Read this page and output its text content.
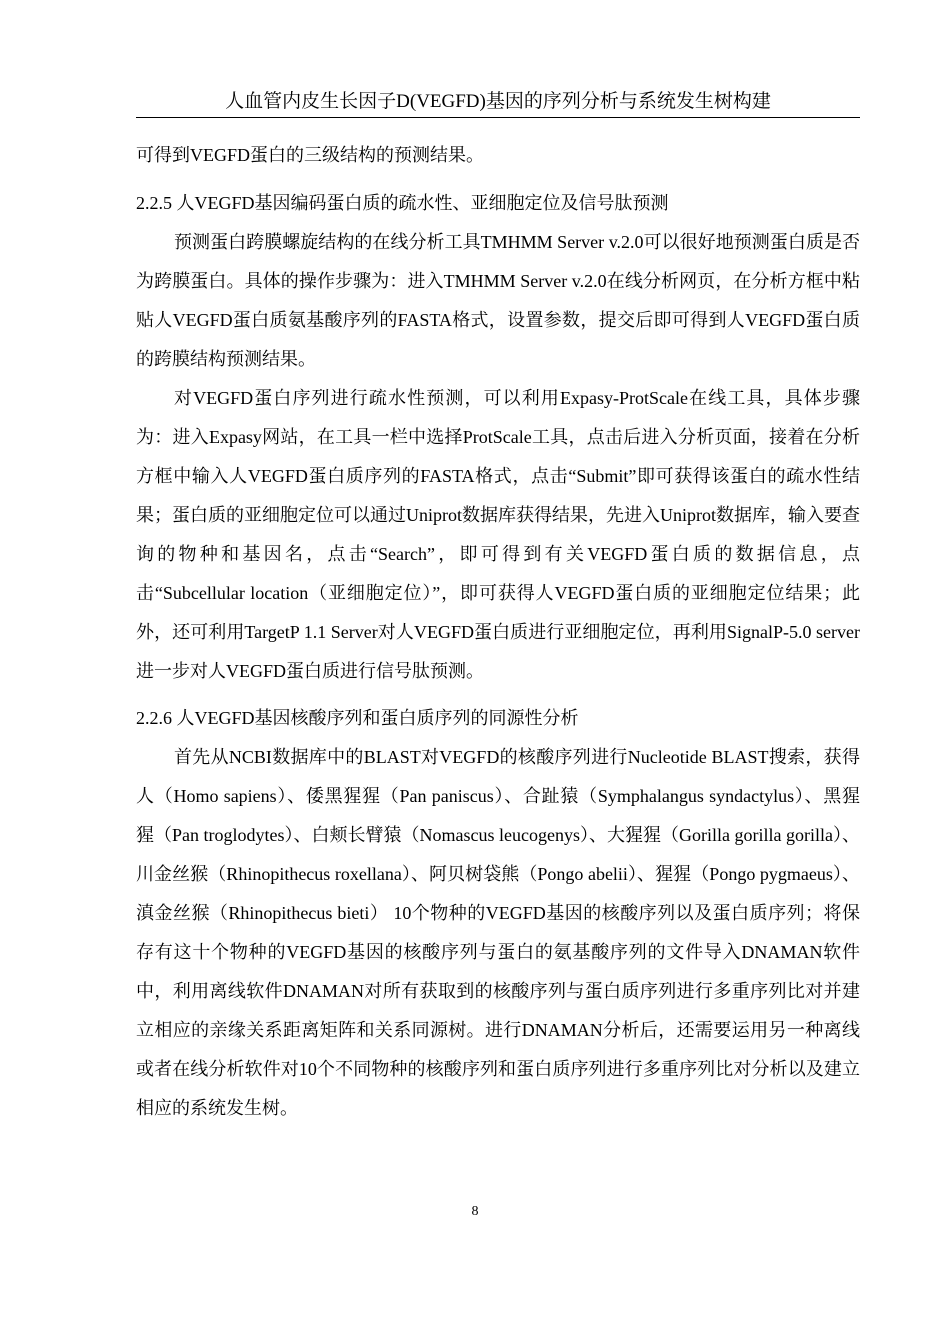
人血管内皮生长因子D(VEGFD)基因的序列分析与系统发生树构建

可得到VEGFD蛋白的三级结构的预测结果。

2.2.5 人VEGFD基因编码蛋白质的疏水性、亚细胞定位及信号肽预测

预测蛋白跨膜螺旋结构的在线分析工具TMHMM Server v.2.0可以很好地预测蛋白质是否为跨膜蛋白。具体的操作步骤为：进入TMHMM Server v.2.0在线分析网页，在分析方框中粘贴人VEGFD蛋白质氨基酸序列的FASTA格式，设置参数，提交后即可得到人VEGFD蛋白质的跨膜结构预测结果。

对VEGFD蛋白序列进行疏水性预测，可以利用Expasy-ProtScale在线工具，具体步骤为：进入Expasy网站，在工具一栏中选择ProtScale工具，点击后进入分析页面，接着在分析方框中输入人VEGFD蛋白质序列的FASTA格式，点击“Submit”即可获得该蛋白的疏水性结果；蛋白质的亚细胞定位可以通过Uniprot数据库获得结果，先进入Uniprot数据库，输入要查询的物种和基因名，点击“Search”，即可得到有关VEGFD蛋白质的数据信息，点击“Subcellular location（亚细胞定位）”，即可获得人VEGFD蛋白质的亚细胞定位结果；此外，还可利用TargetP 1.1 Server对人VEGFD蛋白质进行亚细胞定位，再利用SignalP-5.0 server进一步对人VEGFD蛋白质进行信号肽预测。

2.2.6 人VEGFD基因核酸序列和蛋白质序列的同源性分析

首先从NCBI数据库中的BLAST对VEGFD的核酸序列进行Nucleotide BLAST搜索，获得人（Homo sapiens）、倭黑猩猩（Pan paniscus）、合趾猿（Symphalangus syndactylus）、黑猩猩（Pan troglodytes）、白颊长臂猿（Nomascus leucogenys）、大猩猩（Gorilla gorilla gorilla）、川金丝猴（Rhinopithecus roxellana）、阿贝树袋熊（Pongo abelii）、猩猩（Pongo pygmaeus）、滇金丝猴（Rhinopithecus bieti） 10个物种的VEGFD基因的核酸序列以及蛋白质序列；将保存有这十个物种的VEGFD基因的核酸序列与蛋白的氨基酸序列的文件导入DNAMAN软件中，利用离线软件DNAMAN对所有获取到的核酸序列与蛋白质序列进行多重序列比对并建立相应的亲缘关系距离矩阵和关系同源树。进行DNAMAN分析后，还需要运用另一种离线或者在线分析软件对10个不同物种的核酸序列和蛋白质序列进行多重序列比对分析以及建立相应的系统发生树。

8
